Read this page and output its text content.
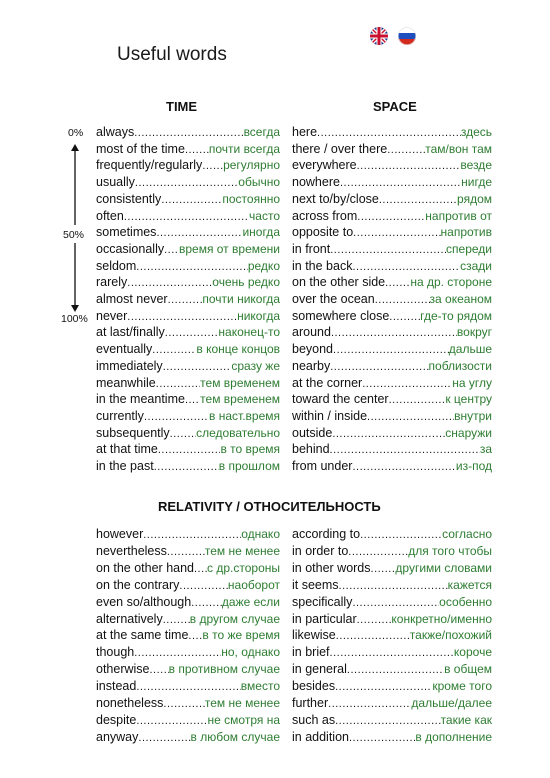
Useful words
TIME	SPACE
0%
50%
100%
always .....	всегда
most of the time ..... почти всегда
frequently/regularly ..... регулярно
usually .....	обычно
consistently .....	постоянно
often .....	часто
sometimes .....	иногда
occasionally ..... время от времени
seldom .....	редко
rarely .....	очень редко
almost never .....	почти никогда
never .....	никогда
at last/finally .....	наконец-то
eventually .....	в конце концов
immediately .....	сразу же
meanwhile .....	тем временем
in the meantime ..... тем временем
currently .....	в наст.время
subsequently ..... следовательно
at that time .....	в то время
in the past .....	в прошлом
here .....	здесь
there / over there .....	там/вон там
everywhere .....	везде
nowhere .....	нигде
next to/by/close .....	рядом
across from .....	напротив от
opposite to .....	напротив
in front .....	спереди
in the back .....	сзади
on the other side ..... на др. стороне
over the ocean .....	за океаном
somewhere close .....	где-то рядом
around .....	вокруг
beyond .....	дальше
nearby .....	поблизости
at the corner .....	на углу
toward the center .....	к центру
within / inside .....	внутри
outside .....	снаружи
behind .....	за
from under .....	из-под
RELATIVITY / ОТНОСИТЕЛЬНОСТЬ
however .....	однако
nevertheless .....	тем не менее
on the other hand ..... с др.стороны
on the contrary .....	наоборот
even so/although .....	даже если
alternatively ..... в другом случае
at the same time ..... в то же время
though .....	но, однако
otherwise ..... в противном случае
instead .....	вместо
nonetheless .....	тем не менее
despite .....	не смотря на
anyway .....	в любом случае
according to .....	согласно
in order to .....	для того чтобы
in other words ..... другими словами
it seems .....	кажется
specifically .....	особенно
in particular .....	конкретно/именно
likewise .....	также/похожий
in brief .....	короче
in general .....	в общем
besides .....	кроме того
further .....	дальше/далее
such as .....	такие как
in addition .....	в дополнение
